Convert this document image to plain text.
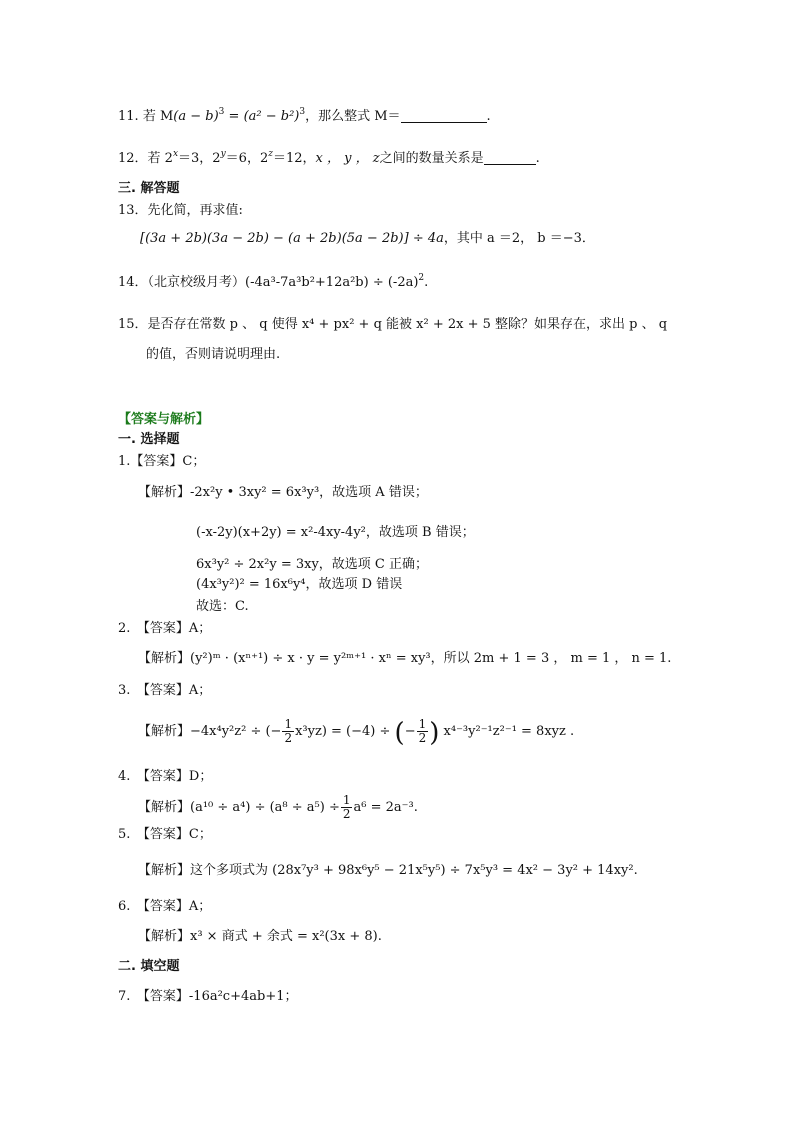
11. 若 $M(a - b)^3 = (a^2 - b^2)^3$，那么整式 M＝	.
12．若 $2^x=3$，$2^y=6$，$2^z=12$，x ， y ， z之间的数量关系是	.
三. 解答题
13．先化简，再求值:
[(3a + 2b)(3a − 2b) − (a + 2b)(5a − 2b)] ÷ 4a，其中 a ＝2， b ＝−3．
14．（北京校级月考）$(-4a^3-7a^3b^2+12a^2b) \div (-2a)^2$.
15．是否存在常数 p 、 q 使得 x⁴ + px² + q 能被 x² + 2x + 5 整除？如果存在，求出 p 、 q
的值，否则请说明理由.
【答案与解析】
一. 选择题
1.【答案】C；
【解析】-2x²y • 3xy² = 6x³y³，故选项 A 错误；
(-x-2y)(x+2y) = x²-4xy-4y²，故选项 B 错误；
6x³y² ÷ 2x²y = 3xy，故选项 C 正确；
(4x³y²)² = 16x⁶y⁴，故选项 D 错误
故选：C.
2.　【答案】A；
【解析】(y²)ᵐ · (xⁿ⁺¹) ÷ x · y = y²ᵐ⁺¹ · xⁿ = xy³，所以 2m + 1 = 3 ， m = 1 ， n = 1.
3.　【答案】A；
【解析】−4x⁴y²z² ÷ (− $\frac{1}{2} x^3yz) = (-4)$ ÷ (− $\frac{1}{2}$ ) x⁴⁻³y²⁻¹z²⁻¹ = 8xyz .
4.　【答案】D；
【解析】$(a^{10} \div a^4) \div (a^8 \div a^5) \div \frac{1}{2} a^6 = 2a^{-3}$.
5.　【答案】C；
【解析】这个多项式为 (28x⁷y³ + 98x⁶y⁵ − 21x⁵y⁵) ÷ 7x⁵y³ = 4x² − 3y² + 14xy².
6.　【答案】A；
【解析】x³ × 商式 + 余式 = x²(3x + 8).
二. 填空题
7.　【答案】-16a²c+4ab+1；
